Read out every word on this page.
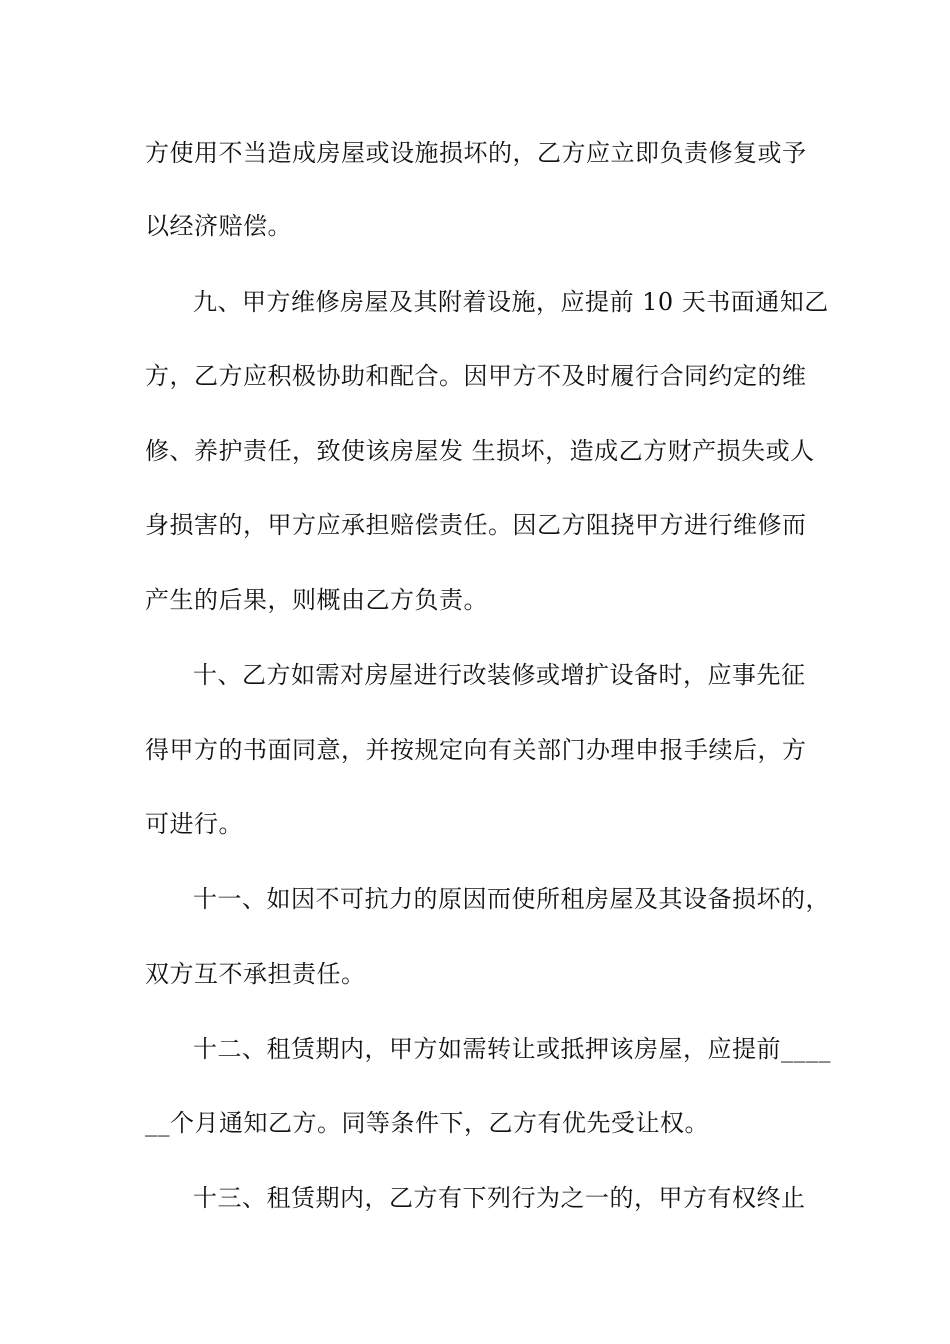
方使用不当造成房屋或设施损坏的，乙方应立即负责修复或予
以经济赔偿。
九、甲方维修房屋及其附着设施，应提前 10 天书面通知乙
方，乙方应积极协助和配合。因甲方不及时履行合同约定的维
修、养护责任，致使该房屋发 生损坏，造成乙方财产损失或人
身损害的，甲方应承担赔偿责任。因乙方阻挠甲方进行维修而
产生的后果，则概由乙方负责。
十、乙方如需对房屋进行改装修或增扩设备时，应事先征
得甲方的书面同意，并按规定向有关部门办理申报手续后，方
可进行。
十一、如因不可抗力的原因而使所租房屋及其设备损坏的，
双方互不承担责任。
十二、租赁期内，甲方如需转让或抵押该房屋，应提前____
__个月通知乙方。同等条件下，乙方有优先受让权。
十三、租赁期内，乙方有下列行为之一的，甲方有权终止
